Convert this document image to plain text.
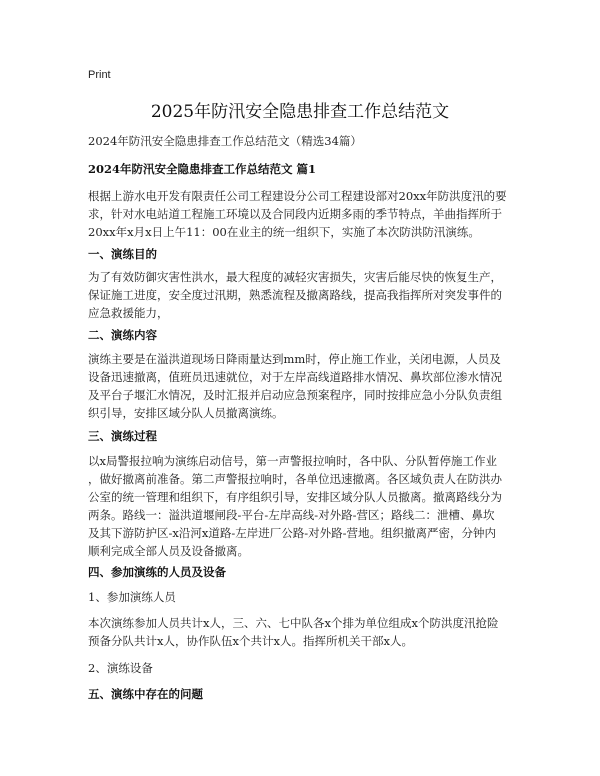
Print
2025年防汛安全隐患排查工作总结范文
2024年防汛安全隐患排查工作总结范文（精选34篇）
2024年防汛安全隐患排查工作总结范文 篇1
根据上游水电开发有限责任公司工程建设分公司工程建设部对20xx年防洪度汛的要
求，针对水电站道工程施工环境以及合同段内近期多雨的季节特点，羊曲指挥所于
20xx年x月x日上午11：00在业主的统一组织下，实施了本次防洪防汛演练。
一、演练目的
为了有效防御灾害性洪水，最大程度的减轻灾害损失，灾害后能尽快的恢复生产，
保证施工进度，安全度过汛期，熟悉流程及撤离路线，提高我指挥所对突发事件的
应急救援能力，
二、演练内容
演练主要是在溢洪道现场日降雨量达到mm时，停止施工作业，关闭电源，人员及
设备迅速撤离，值班员迅速就位，对于左岸高线道路排水情况、鼻坎部位渗水情况
及平台子堰汇水情况，及时汇报并启动应急预案程序，同时按排应急小分队负责组
织引导，安排区域分队人员撤离演练。
三、演练过程
以x局警报拉响为演练启动信号，第一声警报拉响时，各中队、分队暂停施工作业
，做好撤离前准备。第二声警报拉响时，各单位迅速撤离。各区域负责人在防洪办
公室的统一管理和组织下，有序组织引导，安排区域分队人员撤离。撤离路线分为
两条。路线一：溢洪道堰闸段-平台-左岸高线-对外路-营区；路线二：泄槽、鼻坎
及其下游防护区-x沿河x道路-左岸进厂公路-对外路-营地。组织撤离严密，分钟内
顺利完成全部人员及设备撤离。
四、参加演练的人员及设备
1、参加演练人员
本次演练参加人员共计x人，三、六、七中队各x个排为单位组成x个防洪度汛抢险
预备分队共计x人，协作队伍x个共计x人。指挥所机关干部x人。
2、演练设备
五、演练中存在的问题
